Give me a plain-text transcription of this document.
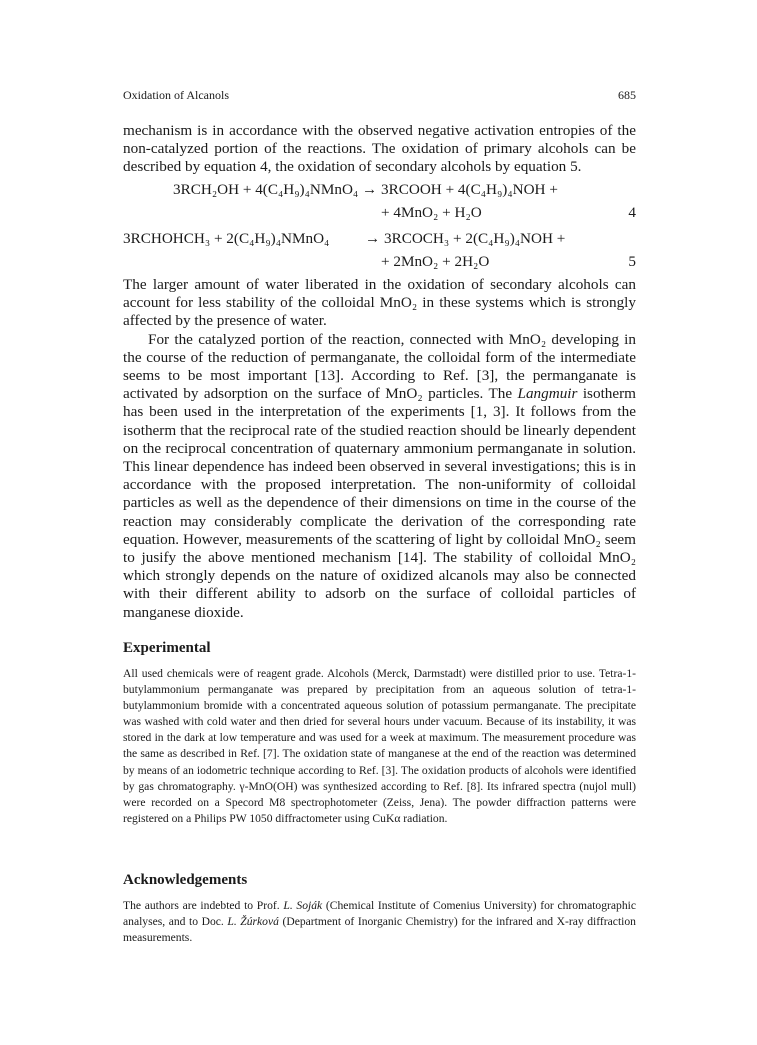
Oxidation of Alcanols	685

mechanism is in accordance with the observed negative activation entropies of the non-catalyzed portion of the reactions. The oxidation of primary alcohols can be described by equation 4, the oxidation of secondary alcohols by equation 5.

3RCH₂OH + 4(C₄H₉)₄NMnO₄ → 3RCOOH + 4(C₄H₉)₄NOH +
+ 4MnO₂ + H₂O	4
3RCHOHCH₃ + 2(C₄H₉)₄NMnO₄ → 3RCOCH₃ + 2(C₄H₉)₄NOH +
+ 2MnO₂ + 2H₂O	5

The larger amount of water liberated in the oxidation of secondary alcohols can account for less stability of the colloidal MnO₂ in these systems which is strongly affected by the presence of water.

For the catalyzed portion of the reaction, connected with MnO₂ developing in the course of the reduction of permanganate, the colloidal form of the intermediate seems to be most important [13]. According to Ref. [3], the permanganate is activated by adsorption on the surface of MnO₂ particles. The Langmuir isotherm has been used in the interpretation of the experiments [1, 3]. It follows from the isotherm that the reciprocal rate of the studied reaction should be linearly dependent on the reciprocal concentration of quaternary ammonium permanganate in solution. This linear dependence has indeed been observed in several investigations; this is in accordance with the proposed interpretation. The non-uniformity of colloidal particles as well as the dependence of their dimensions on time in the course of the reaction may considerably complicate the derivation of the corresponding rate equation. However, measurements of the scattering of light by colloidal MnO₂ seem to jusify the above mentioned mechanism [14]. The stability of colloidal MnO₂ which strongly depends on the nature of oxidized alcanols may also be connected with their different ability to adsorb on the surface of colloidal particles of manganese dioxide.

Experimental

All used chemicals were of reagent grade. Alcohols (Merck, Darmstadt) were distilled prior to use. Tetra-1-butylammonium permanganate was prepared by precipitation from an aqueous solution of tetra-1-butylammonium bromide with a concentrated aqueous solution of potassium permanganate. The precipitate was washed with cold water and then dried for several hours under vacuum. Because of its instability, it was stored in the dark at low temperature and was used for a week at maximum. The measurement procedure was the same as described in Ref. [7]. The oxidation state of manganese at the end of the reaction was determined by means of an iodometric technique according to Ref. [3]. The oxidation products of alcohols were identified by gas chromatography. γ-MnO(OH) was synthesized according to Ref. [8]. Its infrared spectra (nujol mull) were recorded on a Specord M8 spectrophotometer (Zeiss, Jena). The powder diffraction patterns were registered on a Philips PW 1050 diffractometer using CuKα radiation.

Acknowledgements

The authors are indebted to Prof. L. Soják (Chemical Institute of Comenius University) for chromatographic analyses, and to Doc. L. Žúrková (Department of Inorganic Chemistry) for the infrared and X-ray diffraction measurements.
